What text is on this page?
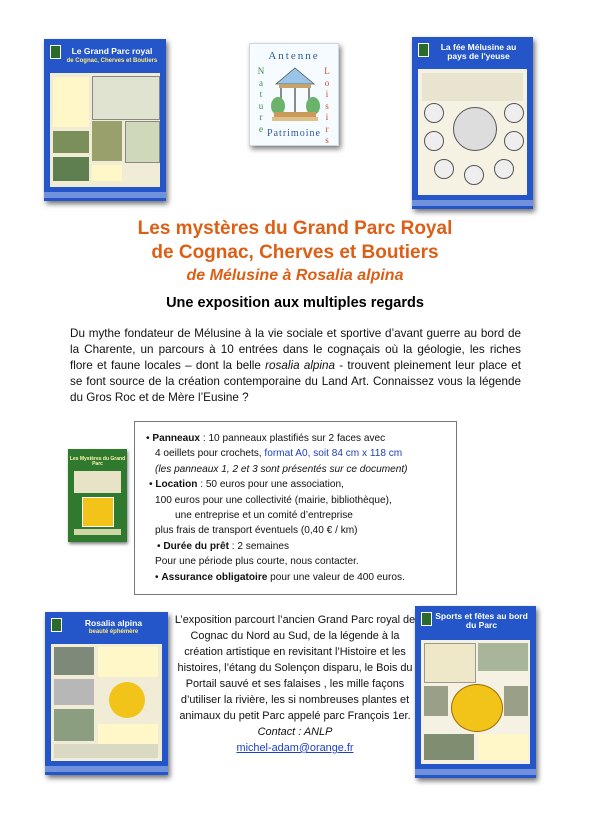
Le Grand Parc royal
de Cognac, Cherves et Boutiers	Antenne
N
a
t
u
r
e
L
o
i
s
i
r
s
Patrimoine
La fée Mélusine au pays de l'yeuse
Les mystères du Grand Parc Royal
de Cognac, Cherves et Boutiers
de Mélusine à Rosalia alpina
Une exposition aux multiples regards
Du mythe fondateur de Mélusine à la vie sociale et sportive d’avant guerre au bord de la Charente, un parcours à 10 entrées dans le cognaçais où la géologie, les riches flore et faune locales – dont la belle rosalia alpina - trouvent pleinement leur place et se font source de la création contemporaine du Land Art. Connaissez vous la légende du Gros Roc et de Mère l’Eusine ?
Les Mystères du Grand Parc
• Panneaux : 10 panneaux plastifiés sur 2 faces avec
4 oeillets pour crochets, format A0, soit 84 cm x 118 cm
(les panneaux 1, 2 et 3 sont présentés sur ce document)
• Location : 50 euros pour une association,
100 euros pour une collectivité (mairie, bibliothèque),
une entreprise et un comité d’entreprise
plus frais de transport éventuels (0,40 € / km)
• Durée du prêt : 2 semaines
Pour une période plus courte, nous contacter.
• Assurance obligatoire pour une valeur de 400 euros.
Rosalia alpina
beauté éphémère
L’exposition parcourt l’ancien Grand Parc royal de Cognac du Nord au Sud, de la légende à la création artistique en revisitant l’Histoire et les histoires, l’étang du Solençon disparu, le Bois du Portail sauvé et ses falaises , les mille façons d’utiliser la rivière, les si nombreuses plantes et animaux du petit Parc appelé parc François 1er.
Contact : ANLP
michel-adam@orange.fr
Sports et fêtes au bord du Parc
